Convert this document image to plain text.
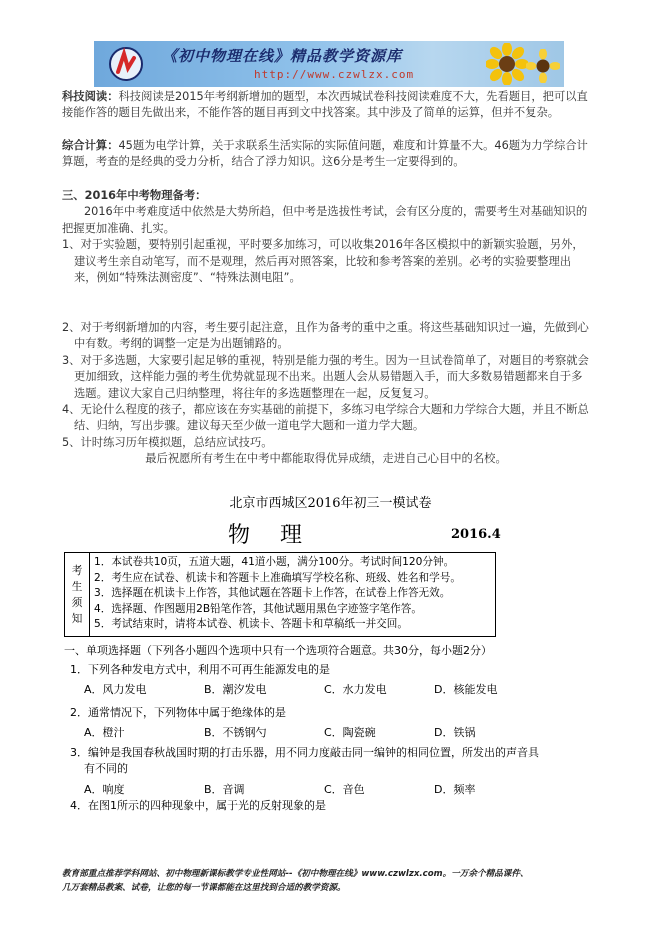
《初中物理在线》精品教学资源库
http://www.czwlzx.com

科技阅读：科技阅读是2015年考纲新增加的题型，本次西城试卷科技阅读难度不大，先看题目，把可以直接能作答的题目先做出来，不能作答的题目再到文中找答案。其中涉及了简单的运算，但并不复杂。

综合计算：45题为电学计算，关于求联系生活实际的实际值问题，难度和计算量不大。46题为力学综合计算题，考查的是经典的受力分析，结合了浮力知识。这6分是考生一定要得到的。

三、2016年中考物理备考：

2016年中考难度适中依然是大势所趋，但中考是选拔性考试，会有区分度的，需要考生对基础知识的把握更加准确、扎实。

1、对于实验题，要特别引起重视，平时要多加练习，可以收集2016年各区模拟中的新颖实验题，另外，建议考生亲自动笔写，而不是观理，然后再对照答案，比较和参考答案的差别。必考的实验要整理出来，例如“特殊法测密度”、“特殊法测电阻”。

2、对于考纲新增加的内容，考生要引起注意，且作为备考的重中之重。将这些基础知识过一遍，先做到心中有数。考纲的调整一定是为出题铺路的。

3、对于多选题，大家要引起足够的重视，特别是能力强的考生。因为一旦试卷简单了，对题目的考察就会更加细致，这样能力强的考生优势就显现不出来。出题人会从易错题入手，而大多数易错题都来自于多选题。建议大家自己归纳整理，将往年的多选题整理在一起，反复复习。

4、无论什么程度的孩子，都应该在夯实基础的前提下，多练习电学综合大题和力学综合大题，并且不断总结、归纳，写出步骤。建议每天至少做一道电学大题和一道力学大题。

5、计时练习历年模拟题，总结应试技巧。

最后祝愿所有考生在中考中都能取得优异成绩，走进自己心目中的名校。

北京市西城区2016年初三一模试卷
物理	2016.4
考
生
须
知
1．本试卷共10页，五道大题，41道小题，满分100分。考试时间120分钟。
2．考生应在试卷、机读卡和答题卡上准确填写学校名称、班级、姓名和学号。
3．选择题在机读卡上作答，其他试题在答题卡上作答，在试卷上作答无效。
4．选择题、作图题用2B铅笔作答，其他试题用黑色字迹签字笔作答。
5．考试结束时，请将本试卷、机读卡、答题卡和草稿纸一并交回。
一、单项选择题（下列各小题四个选项中只有一个选项符合题意。共30分，每小题2分）
1．下列各种发电方式中，利用不可再生能源发电的是
A．风力发电	B．潮汐发电	C．水力发电	D．核能发电
2．通常情况下，下列物体中属于绝缘体的是
A．橙汁	B．不锈钢勺	C．陶瓷碗	D．铁锅
3．编钟是我国春秋战国时期的打击乐器，用不同力度敲击同一编钟的相同位置，所发出的声音具有不同的
A．响度	B．音调	C．音色	D．频率
4．在图1所示的四种现象中，属于光的反射现象的是

教育部重点推荐学科网站、初中物理新课标教学专业性网站--《初中物理在线》www.czwlzx.com。一万余个精品课件、

几万套精品教案、试卷，让您的每一节课都能在这里找到合适的教学资源。
